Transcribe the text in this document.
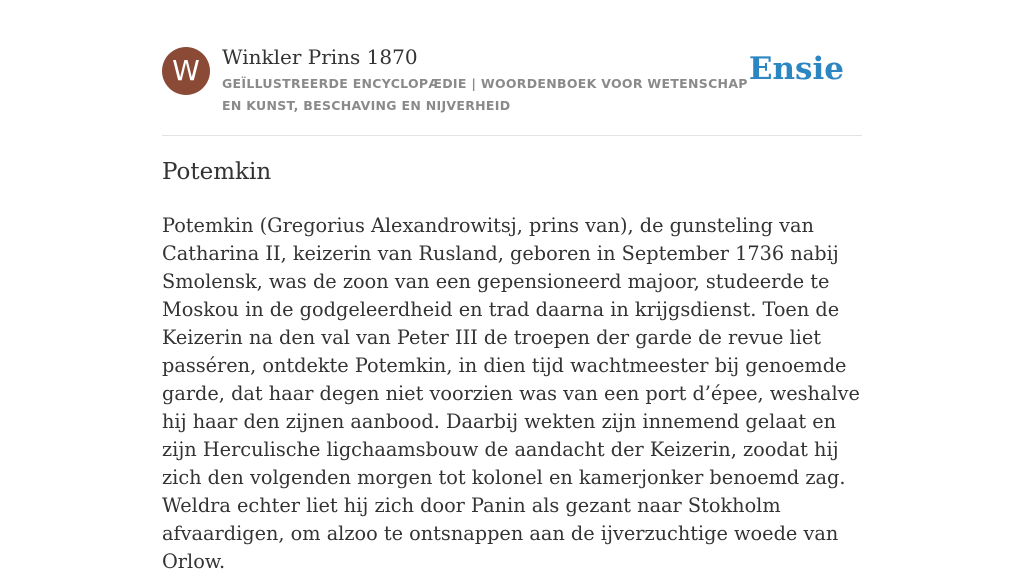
W	Winkler Prins 1870
GEÏLLUSTREERDE ENCYCLOPÆDIE | WOORDENBOEK VOOR WETENSCHAP EN KUNST, BESCHAVING EN NIJVERHEID
Ensie
Potemkin

Potemkin (Gregorius Alexandrowitsj, prins van), de gunsteling van Catharina II, keizerin van Rusland, geboren in September 1736 nabij Smolensk, was de zoon van een gepensioneerd majoor, studeerde te Moskou in de godgeleerdheid en trad daarna in krijgsdienst. Toen de Keizerin na den val van Peter III de troepen der garde de revue liet passéren, ontdekte Potemkin, in dien tijd wachtmeester bij genoemde garde, dat haar degen niet voorzien was van een port d’épee, weshalve hij haar den zijnen aanbood. Daarbij wekten zijn innemend gelaat en zijn Herculische ligchaamsbouw de aandacht der Keizerin, zoodat hij zich den volgenden morgen tot kolonel en kamerjonker benoemd zag. Weldra echter liet hij zich door Panin als gezant naar Stokholm afvaardigen, om alzoo te ontsnappen aan de ijverzuchtige woede van Orlow.
